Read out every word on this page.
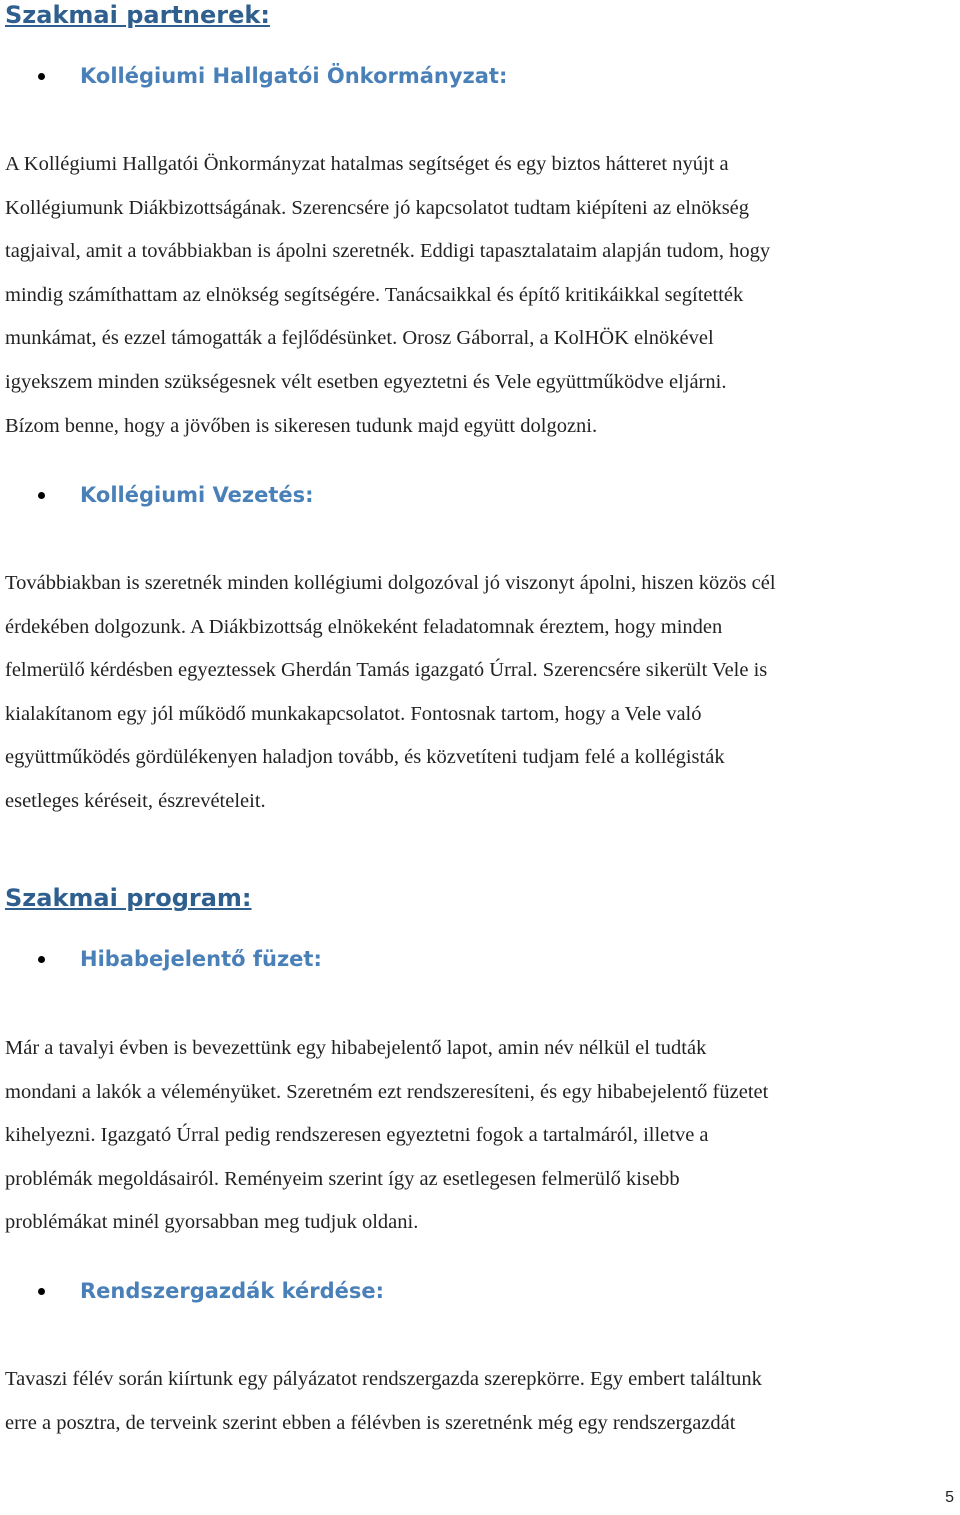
Szakmai partnerek:
Kollégiumi Hallgatói Önkormányzat:
A Kollégiumi Hallgatói Önkormányzat hatalmas segítséget és egy biztos hátteret nyújt a
Kollégiumunk Diákbizottságának. Szerencsére jó kapcsolatot tudtam kiépíteni az elnökség
tagjaival, amit a továbbiakban is ápolni szeretnék. Eddigi tapasztalataim alapján tudom, hogy
mindig számíthattam az elnökség segítségére. Tanácsaikkal és építő kritikáikkal segítették
munkámat, és ezzel támogatták a fejlődésünket. Orosz Gáborral, a KolHÖK elnökével
igyekszem minden szükségesnek vélt esetben egyeztetni és Vele együttműködve eljárni.
Bízom benne, hogy a jövőben is sikeresen tudunk majd együtt dolgozni.
Kollégiumi Vezetés:
Továbbiakban is szeretnék minden kollégiumi dolgozóval jó viszonyt ápolni, hiszen közös cél
érdekében dolgozunk. A Diákbizottság elnökeként feladatomnak éreztem, hogy minden
felmerülő kérdésben egyeztessek Gherdán Tamás igazgató Úrral. Szerencsére sikerült Vele is
kialakítanom egy jól működő munkakapcsolatot. Fontosnak tartom, hogy a Vele való
együttműködés gördülékenyen haladjon tovább, és közvetíteni tudjam felé a kollégisták
esetleges kéréseit, észrevételeit.
Szakmai program:
Hibabejelentő füzet:
Már a tavalyi évben is bevezettünk egy hibabejelentő lapot, amin név nélkül el tudták
mondani a lakók a véleményüket. Szeretném ezt rendszeresíteni, és egy hibabejelentő füzetet
kihelyezni. Igazgató Úrral pedig rendszeresen egyeztetni fogok a tartalmáról, illetve a
problémák megoldásairól. Reményeim szerint így az esetlegesen felmerülő kisebb
problémákat minél gyorsabban meg tudjuk oldani.
Rendszergazdák kérdése:
Tavaszi félév során kiírtunk egy pályázatot rendszergazda szerepkörre. Egy embert találtunk
erre a posztra, de terveink szerint ebben a félévben is szeretnénk még egy rendszergazdát
5
